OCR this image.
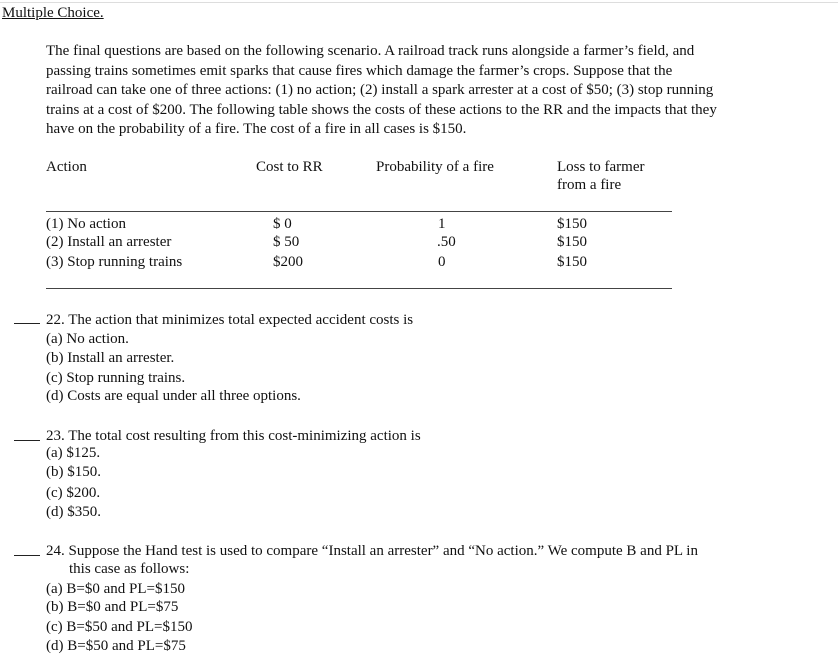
Multiple Choice.
The final questions are based on the following scenario. A railroad track runs alongside a farmer’s field, and
passing trains sometimes emit sparks that cause fires which damage the farmer’s crops. Suppose that the
railroad can take one of three actions: (1) no action; (2) install a spark arrester at a cost of $50; (3) stop running
trains at a cost of $200. The following table shows the costs of these actions to the RR and the impacts that they
have on the probability of a fire. The cost of a fire in all cases is $150.
Action	Cost to RR	Probability of a fire	Loss to farmer
from a fire
(1) No action	$ 0	1	$150
(2) Install an arrester	$ 50	.50	$150
(3) Stop running trains	$200	0	$150
22. The action that minimizes total expected accident costs is
(a) No action.
(b) Install an arrester.
(c) Stop running trains.
(d) Costs are equal under all three options.
23. The total cost resulting from this cost-minimizing action is
(a) $125.
(b) $150.
(c) $200.
(d) $350.
24. Suppose the Hand test is used to compare “Install an arrester” and “No action.” We compute B and PL in
this case as follows:
(a) B=$0 and PL=$150
(b) B=$0 and PL=$75
(c) B=$50 and PL=$150
(d) B=$50 and PL=$75
